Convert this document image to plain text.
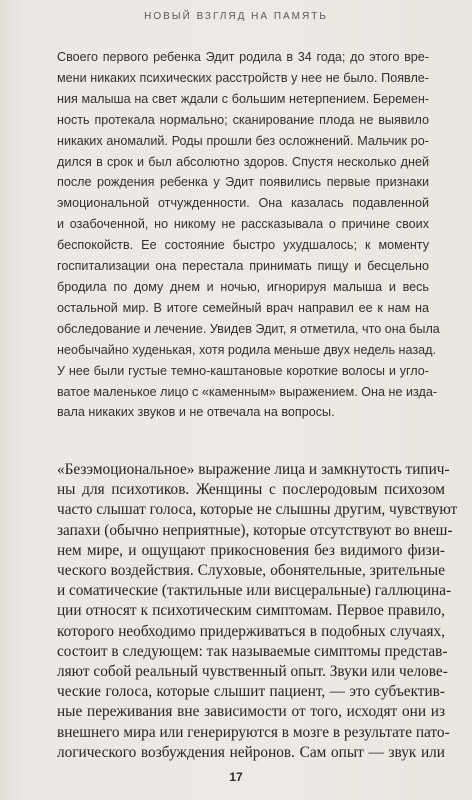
НОВЫЙ ВЗГЛЯД НА ПАМЯТЬ
Своего первого ребенка Эдит родила в 34 года; до этого вре-
мени никаких психических расстройств у нее не было. Появле-
ния малыша на свет ждали с большим нетерпением. Беремен-
ность протекала нормально; сканирование плода не выявило
никаких аномалий. Роды прошли без осложнений. Мальчик ро-
дился в срок и был абсолютно здоров. Спустя несколько дней
после рождения ребенка у Эдит появились первые признаки
эмоциональной отчужденности. Она казалась подавленной
и озабоченной, но никому не рассказывала о причине своих
беспокойств. Ее состояние быстро ухудшалось; к моменту
госпитализации она перестала принимать пищу и бесцельно
бродила по дому днем и ночью, игнорируя малыша и весь
остальной мир. В итоге семейный врач направил ее к нам на
обследование и лечение. Увидев Эдит, я отметила, что она была
необычайно худенькая, хотя родила меньше двух недель назад.
У нее были густые темно-каштановые короткие волосы и угло-
ватое маленькое лицо с «каменным» выражением. Она не изда-
вала никаких звуков и не отвечала на вопросы.
«Безэмоциональное» выражение лица и замкнутость типич-
ны для психотиков. Женщины с послеродовым психозом
часто слышат голоса, которые не слышны другим, чувствуют
запахи (обычно неприятные), которые отсутствуют во внеш-
нем мире, и ощущают прикосновения без видимого физи-
ческого воздействия. Слуховые, обонятельные, зрительные
и соматические (тактильные или висцеральные) галлюцина-
ции относят к психотическим симптомам. Первое правило,
которого необходимо придерживаться в подобных случаях,
состоит в следующем: так называемые симптомы представ-
ляют собой реальный чувственный опыт. Звуки или челове-
ческие голоса, которые слышит пациент, — это субъектив-
ные переживания вне зависимости от того, исходят они из
внешнего мира или генерируются в мозге в результате пато-
логического возбуждения нейронов. Сам опыт — звук или
17
